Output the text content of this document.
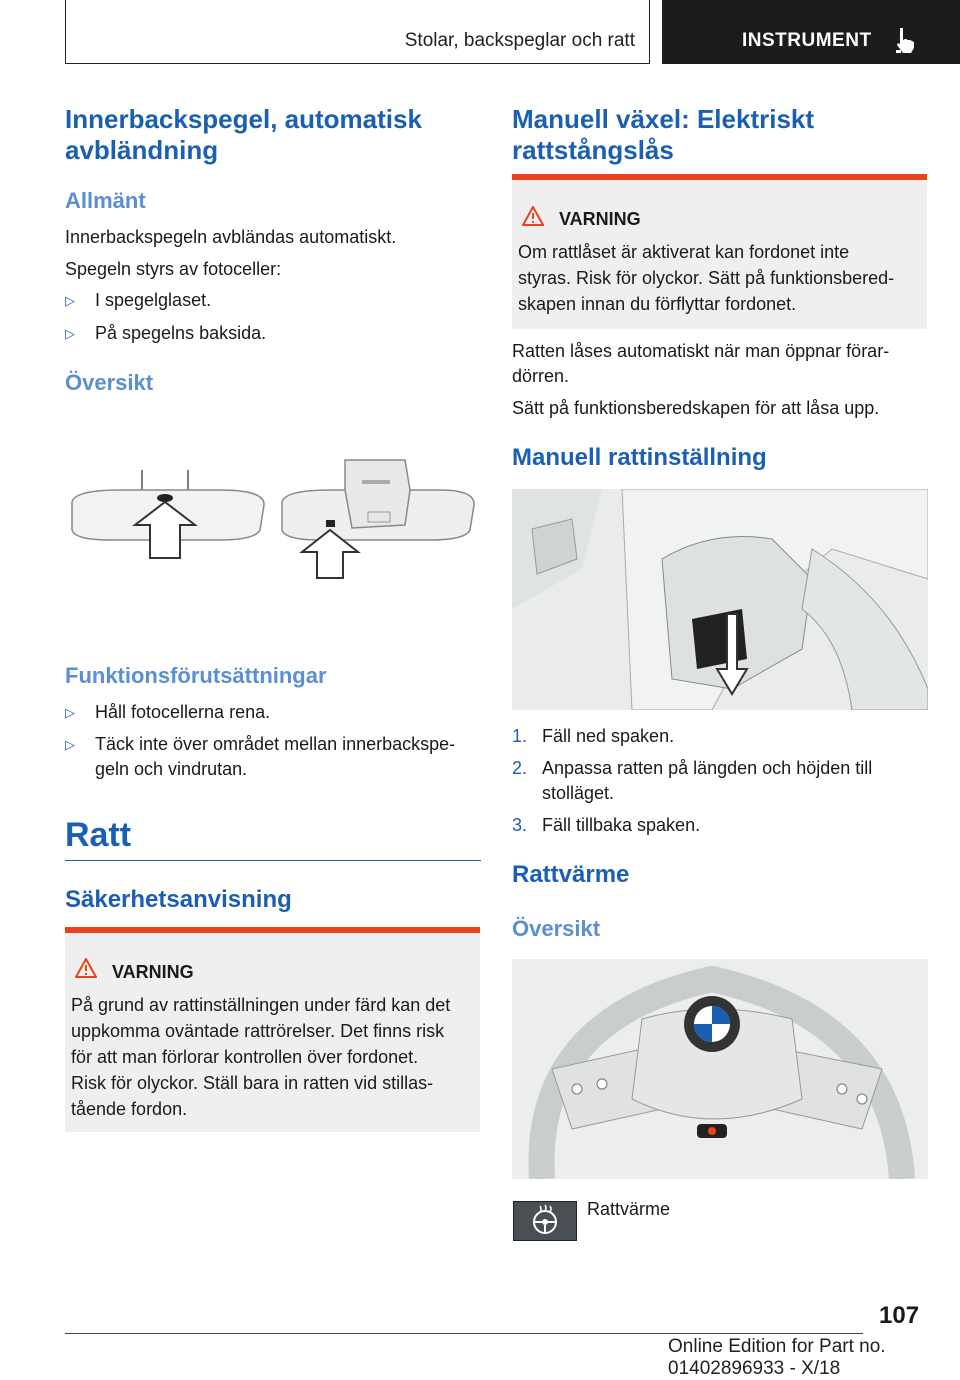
Stolar, backspeglar och ratt	INSTRUMENT
Innerbackspegel, automatisk avbländning
Allmänt

Innerbackspegeln avbländas automatiskt.

Spegeln styrs av fotoceller:

▷ I spegelglaset.
▷ På spegelns baksida.
Översikt
Funktionsförutsättningar
▷ Håll fotocellerna rena.
▷ Täck inte över området mellan innerbackspe-
geln och vindrutan.
Ratt
Säkerhetsanvisning
VARNING
På grund av rattinställningen under färd kan det
uppkomma oväntade rattrörelser. Det finns risk
för att man förlorar kontrollen över fordonet.
Risk för olyckor. Ställ bara in ratten vid stillas-
tående fordon.
Manuell växel: Elektriskt rattstångslås
VARNING
Om rattlåset är aktiverat kan fordonet inte
styras. Risk för olyckor. Sätt på funktionsbered-
skapen innan du förflyttar fordonet.

Ratten låses automatiskt när man öppnar förar-

dörren.

Sätt på funktionsberedskapen för att låsa upp.

Manuell rattinställning
1. Fäll ned spaken.
2. Anpassa ratten på längden och höjden till
stolläget.
3. Fäll tillbaka spaken.
Rattvärme
Översikt
Rattvärme
107
Online Edition for Part no. 01402896933 - X/18
